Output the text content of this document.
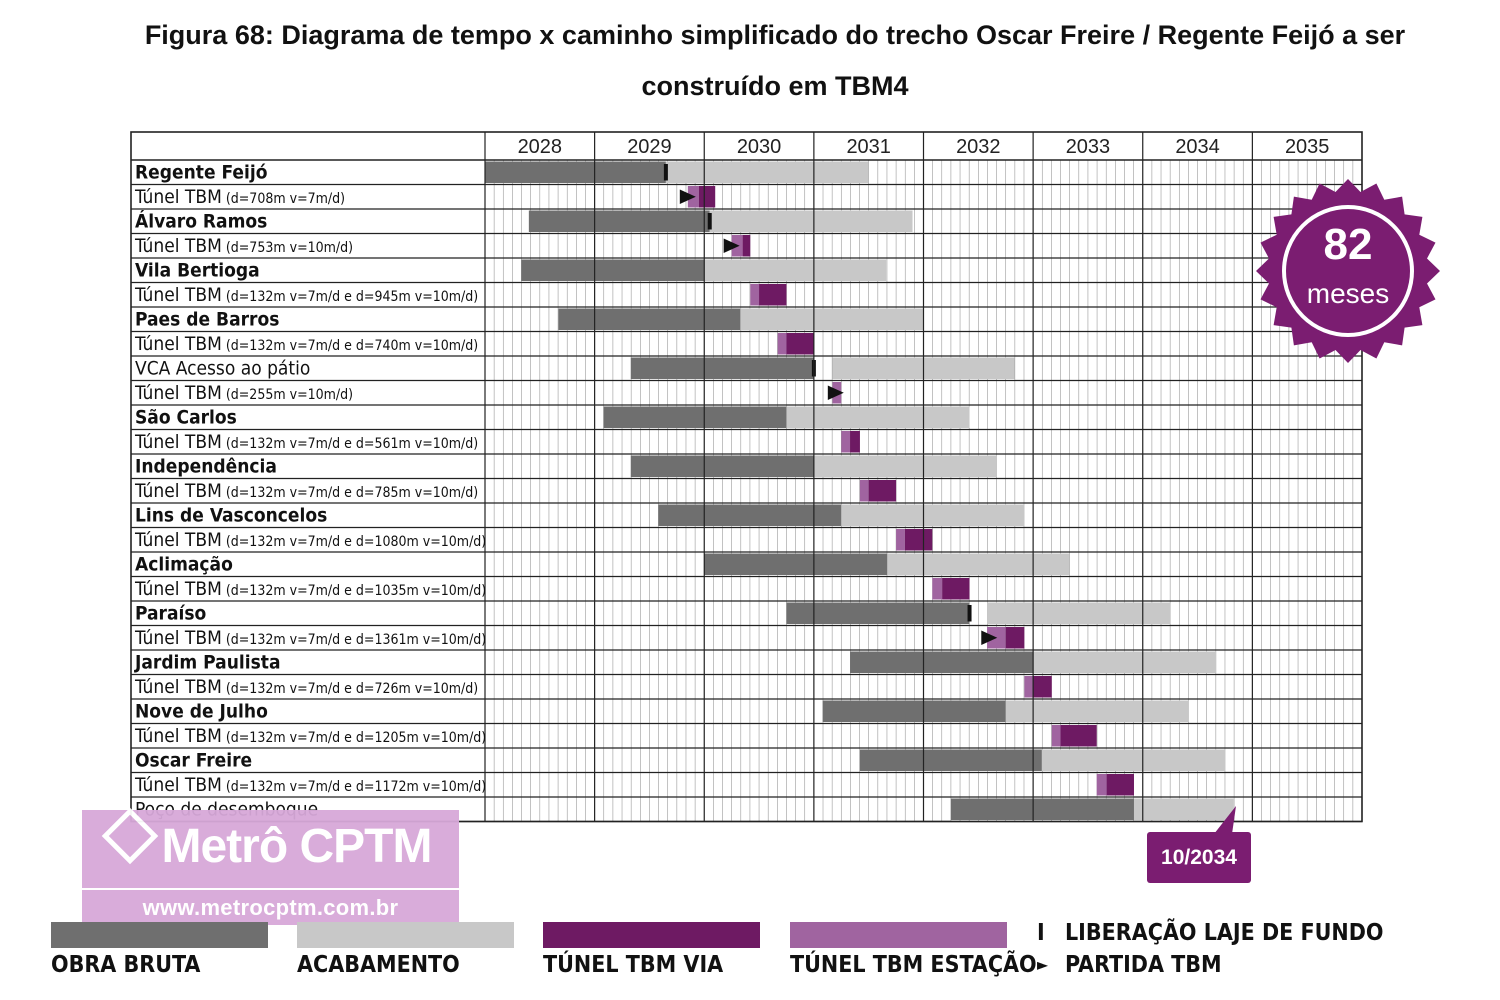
Figura 68: Diagrama de tempo x caminho simplificado do trecho Oscar Freire / Regente Feijó a ser
construído em TBM4
2028	2029	2030	2031	2032	2033	2034	2035
Regente Feijó
Túnel TBM (d=708m v=7m/d)
Álvaro Ramos
Túnel TBM (d=753m v=10m/d)
Vila Bertioga
Túnel TBM (d=132m v=7m/d e d=945m v=10m/d)
Paes de Barros
Túnel TBM (d=132m v=7m/d e d=740m v=10m/d)
VCA Acesso ao pátio
Túnel TBM (d=255m v=10m/d)
São Carlos
Túnel TBM (d=132m v=7m/d e d=561m v=10m/d)
Independência
Túnel TBM (d=132m v=7m/d e d=785m v=10m/d)
Lins de Vasconcelos
Túnel TBM (d=132m v=7m/d e d=1080m v=10m/d)
Aclimação
Túnel TBM (d=132m v=7m/d e d=1035m v=10m/d)
Paraíso
Túnel TBM (d=132m v=7m/d e d=1361m v=10m/d)
Jardim Paulista
Túnel TBM (d=132m v=7m/d e d=726m v=10m/d)
Nove de Julho
Túnel TBM (d=132m v=7m/d e d=1205m v=10m/d)
Oscar Freire
Túnel TBM (d=132m v=7m/d e d=1172m v=10m/d)
82
meses
10/2034
Metrô CPTM
www.metrocptm.com.br
OBRA BRUTA	ACABAMENTO	TÚNEL TBM VIA	TÚNEL TBM ESTAÇÃO
I LIBERAÇÃO LAJE DE FUNDO
► PARTIDA TBM
